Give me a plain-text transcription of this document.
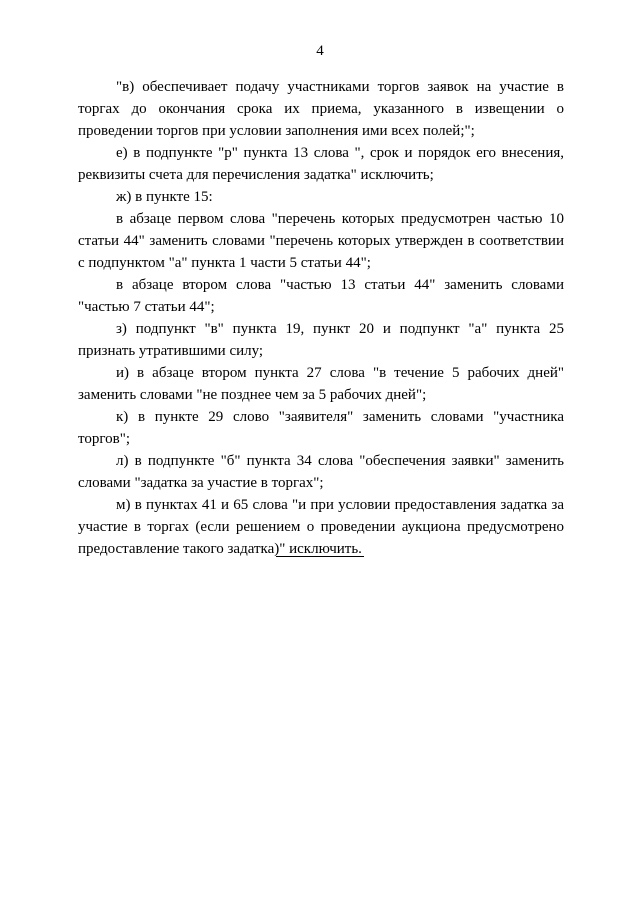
4

"в) обеспечивает подачу участниками торгов заявок на участие в торгах до окончания срока их приема, указанного в извещении о проведении торгов при условии заполнения ими всех полей;";

е) в подпункте "р" пункта 13 слова ", срок и порядок его внесения, реквизиты счета для перечисления задатка" исключить;

ж) в пункте 15:

в абзаце первом слова "перечень которых предусмотрен частью 10 статьи 44" заменить словами "перечень которых утвержден в соответствии с подпунктом "а" пункта 1 части 5 статьи 44";

в абзаце втором слова "частью 13 статьи 44" заменить словами "частью 7 статьи 44";

з) подпункт "в" пункта 19, пункт 20 и подпункт "а" пункта 25 признать утратившими силу;

и) в абзаце втором пункта 27 слова "в течение 5 рабочих дней" заменить словами "не позднее чем за 5 рабочих дней";

к) в пункте 29 слово "заявителя" заменить словами "участника торгов";

л) в подпункте "б" пункта 34 слова "обеспечения заявки" заменить словами "задатка за участие в торгах";

м) в пунктах 41 и 65 слова "и при условии предоставления задатка за участие в торгах (если решением о проведении аукциона предусмотрено предоставление такого задатка)" исключить.
